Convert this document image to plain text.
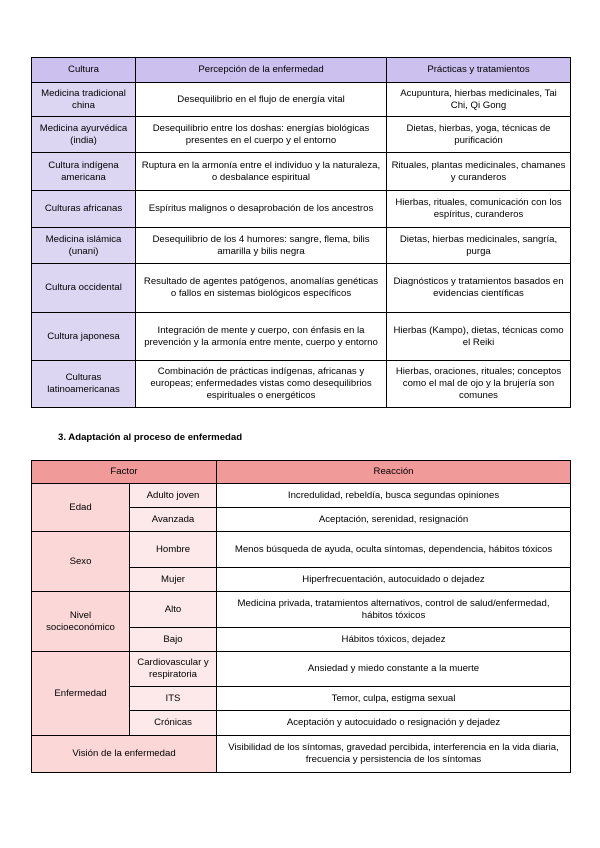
Cultura	Percepción de la enfermedad	Prácticas y tratamientos
Medicina tradicional china	Desequilibrio en el flujo de energía vital	Acupuntura, hierbas medicinales, Tai Chi, Qi Gong
Medicina ayurvédica (india)	Desequilibrio entre los doshas: energías biológicas presentes en el cuerpo y el entorno	Dietas, hierbas, yoga, técnicas de purificación
Cultura indígena americana	Ruptura en la armonía entre el individuo y la naturaleza, o desbalance espiritual	Rituales, plantas medicinales, chamanes y curanderos
Culturas africanas	Espíritus malignos o desaprobación de los ancestros	Hierbas, rituales, comunicación con los espíritus, curanderos
Medicina islámica (unani)	Desequilibrio de los 4 humores: sangre, flema, bilis amarilla y bilis negra	Dietas, hierbas medicinales, sangría, purga
Cultura occidental	Resultado de agentes patógenos, anomalías genéticas o fallos en sistemas biológicos específicos	Diagnósticos y tratamientos basados en evidencias científicas
Cultura japonesa	Integración de mente y cuerpo, con énfasis en la prevención y la armonía entre mente, cuerpo y entorno	Hierbas (Kampo), dietas, técnicas como el Reiki
Culturas latinoamericanas	Combinación de prácticas indígenas, africanas y europeas; enfermedades vistas como desequilibrios espirituales o energéticos	Hierbas, oraciones, rituales; conceptos como el mal de ojo y la brujería son comunes
3. Adaptación al proceso de enfermedad
Factor		Reacción
Edad	Adulto joven	Incredulidad, rebeldía, busca segundas opiniones
	Avanzada	Aceptación, serenidad, resignación
Sexo	Hombre	Menos búsqueda de ayuda, oculta síntomas, dependencia, hábitos tóxicos
	Mujer	Hiperfrecuentación, autocuidado o dejadez
Nivel socioeconómico	Alto	Medicina privada, tratamientos alternativos, control de salud/enfermedad, hábitos tóxicos
	Bajo	Hábitos tóxicos, dejadez
Enfermedad	Cardiovascular y respiratoria	Ansiedad y miedo constante a la muerte
	ITS	Temor, culpa, estigma sexual
	Crónicas	Aceptación y autocuidado o resignación y dejadez
Visión de la enfermedad		Visibilidad de los síntomas, gravedad percibida, interferencia en la vida diaria, frecuencia y persistencia de los síntomas
